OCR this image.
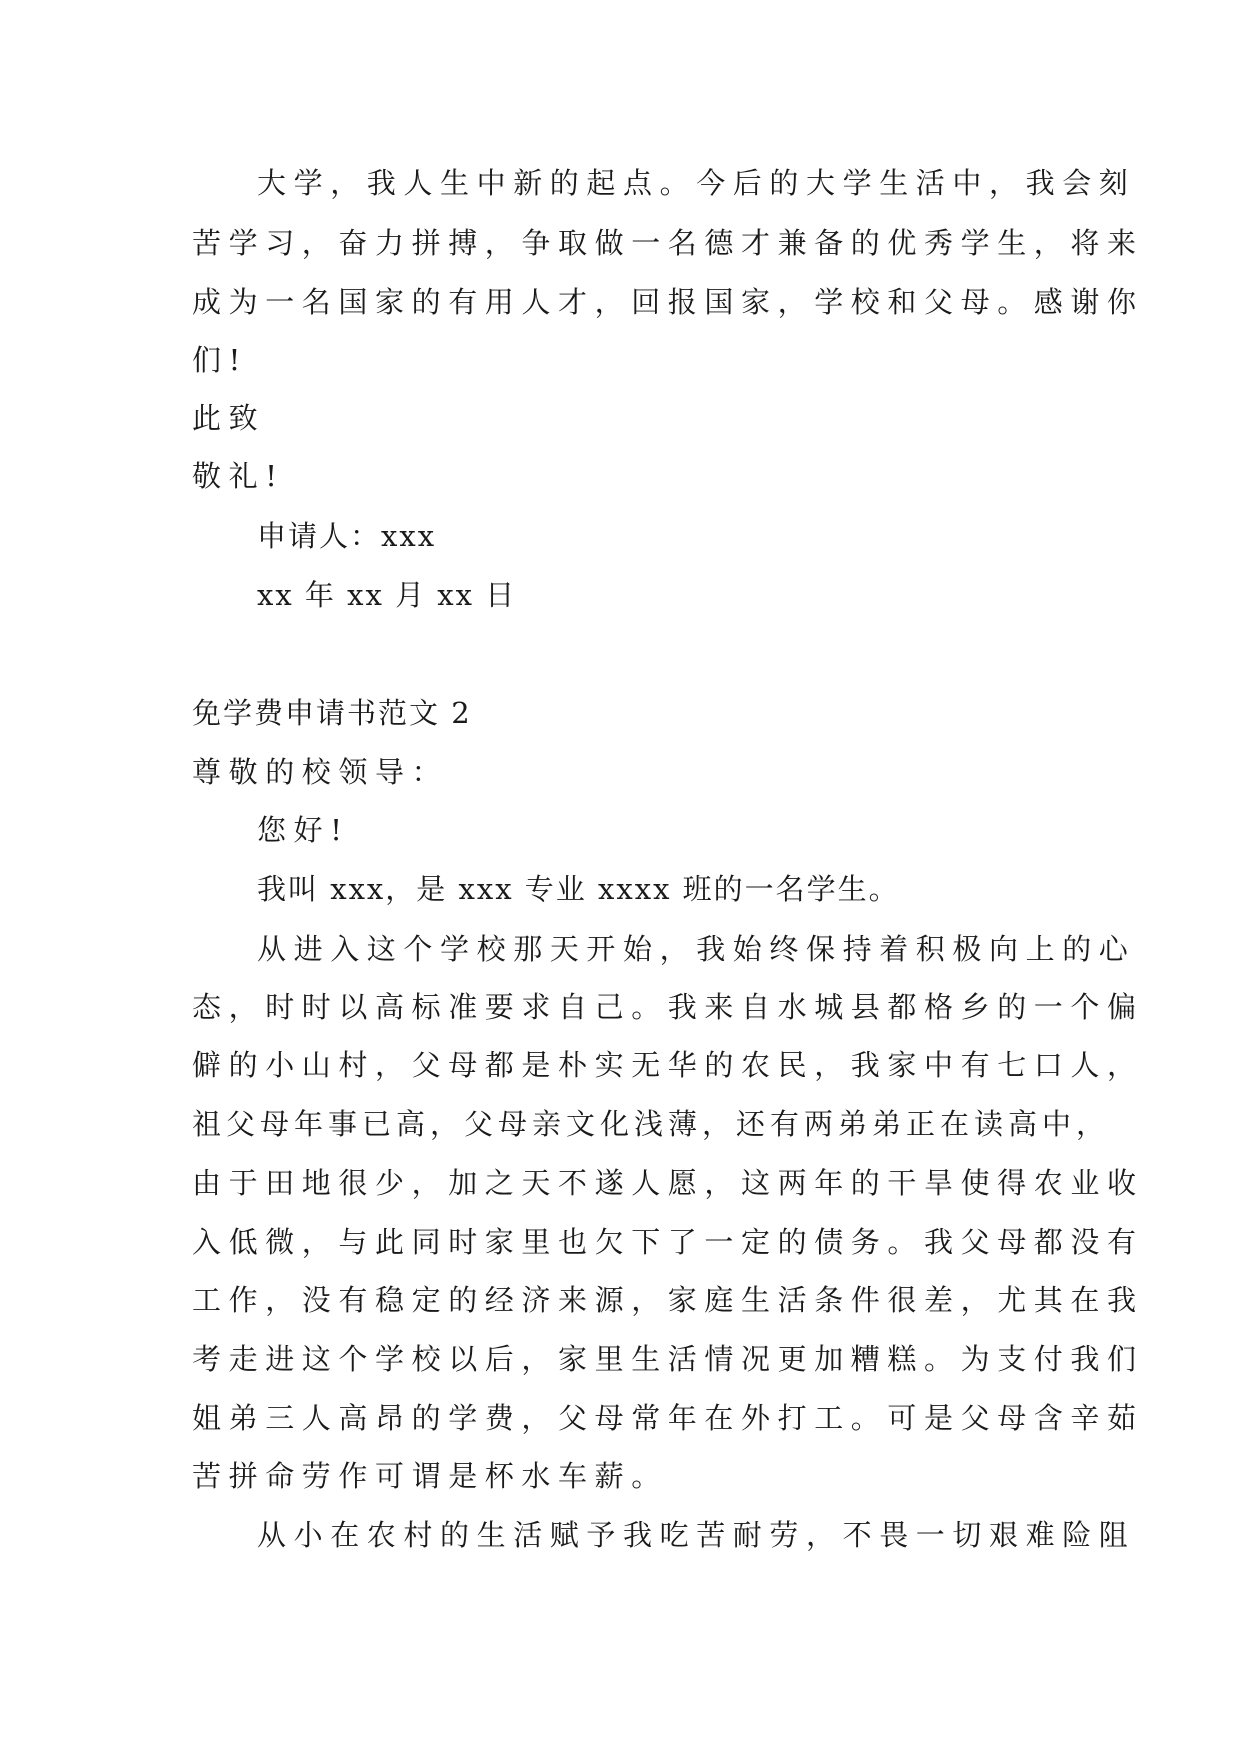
大学，我人生中新的起点。今后的大学生活中，我会刻
苦学习，奋力拼搏，争取做一名德才兼备的优秀学生，将来
成为一名国家的有用人才，回报国家，学校和父母。感谢你
们!
此致
敬礼!
申请人：xxx
xx 年 xx 月 xx 日
免学费申请书范文 2
尊敬的校领导：
您好!
我叫 xxx，是 xxx 专业 xxxx 班的一名学生。
从进入这个学校那天开始，我始终保持着积极向上的心
态，时时以高标准要求自己。我来自水城县都格乡的一个偏
僻的小山村，父母都是朴实无华的农民，我家中有七口人，
祖父母年事已高，父母亲文化浅薄，还有两弟弟正在读高中，
由于田地很少，加之天不遂人愿，这两年的干旱使得农业收
入低微，与此同时家里也欠下了一定的债务。我父母都没有
工作，没有稳定的经济来源，家庭生活条件很差，尤其在我
考走进这个学校以后，家里生活情况更加糟糕。为支付我们
姐弟三人高昂的学费，父母常年在外打工。可是父母含辛茹
苦拼命劳作可谓是杯水车薪。
从小在农村的生活赋予我吃苦耐劳，不畏一切艰难险阻
